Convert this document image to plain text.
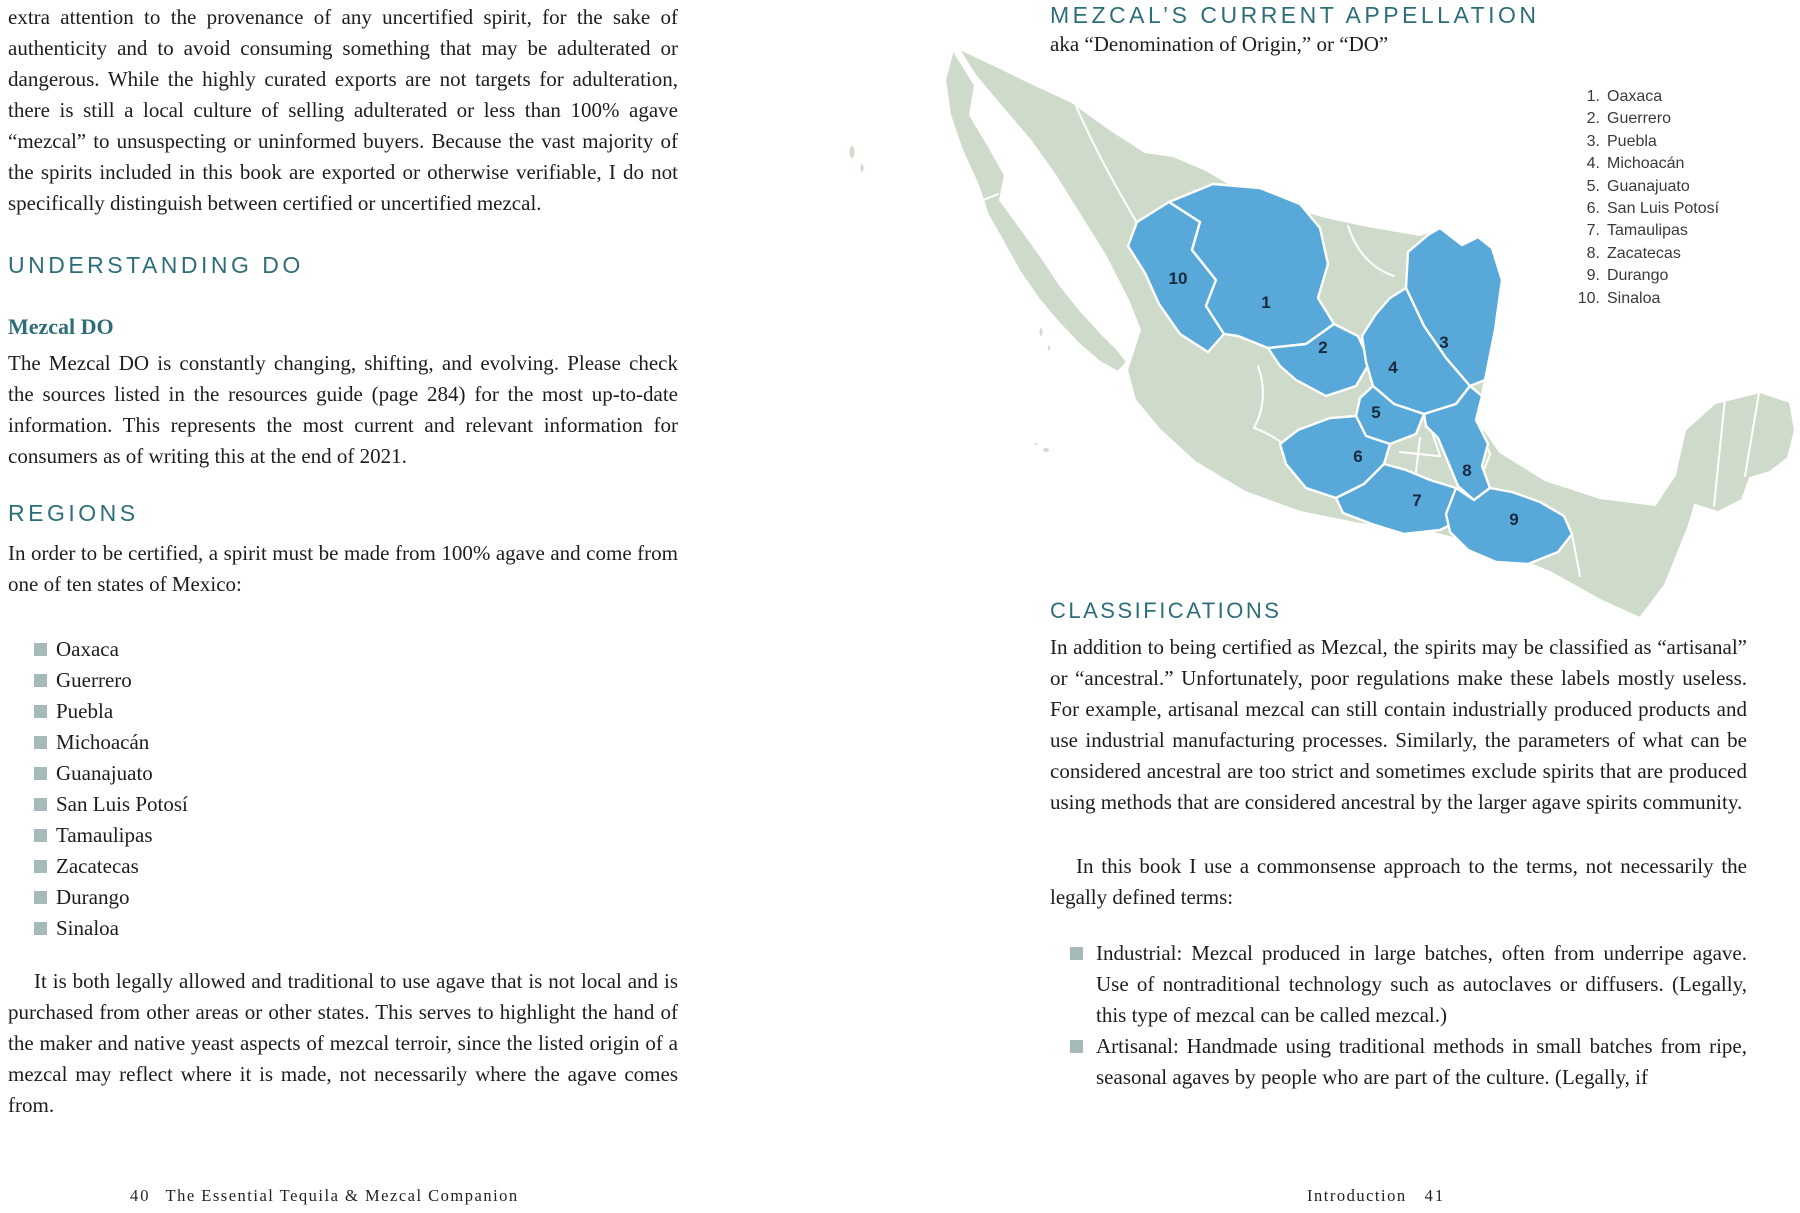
extra attention to the provenance of any uncertified spirit, for the sake of authenticity and to avoid consuming something that may be adulterated or dangerous. While the highly curated exports are not targets for adulteration, there is still a local culture of selling adulterated or less than 100% agave “mezcal” to unsuspecting or uninformed buyers. Because the vast majority of the spirits included in this book are exported or otherwise verifiable, I do not specifically distinguish between certified or uncertified mezcal.

UNDERSTANDING DO
Mezcal DO

The Mezcal DO is constantly changing, shifting, and evolving. Please check the sources listed in the resources guide (page 284) for the most up-to-date information. This represents the most current and relevant information for consumers as of writing this at the end of 2021.

REGIONS

In order to be certified, a spirit must be made from 100% agave and come from one of ten states of Mexico:

Oaxaca
Guerrero
Puebla
Michoacán
Guanajuato
San Luis Potosí
Tamaulipas
Zacatecas
Durango
Sinaloa

It is both legally allowed and traditional to use agave that is not local and is purchased from other areas or other states. This serves to highlight the hand of the maker and native yeast aspects of mezcal terroir, since the listed origin of a mezcal may reflect where it is made, not necessarily where the agave comes from.

40 The Essential Tequila & Mezcal Companion
MEZCAL’S CURRENT APPELLATION

aka “Denomination of Origin,” or “DO”

10
1
2	3
4
5
6
7
8
9
1. Oaxaca
2. Guerrero
3. Puebla
4. Michoacán
5. Guanajuato
6. San Luis Potosí
7. Tamaulipas
8. Zacatecas
9. Durango
10. Sinaloa
CLASSIFICATIONS

In addition to being certified as Mezcal, the spirits may be classified as “artisanal” or “ancestral.” Unfortunately, poor regulations make these labels mostly useless. For example, artisanal mezcal can still contain industrially produced products and use industrial manufacturing processes. Similarly, the parameters of what can be considered ancestral are too strict and sometimes exclude spirits that are produced using methods that are considered ancestral by the larger agave spirits community.

In this book I use a commonsense approach to the terms, not necessarily the legally defined terms:

Industrial: Mezcal produced in large batches, often from underripe agave. Use of nontraditional technology such as autoclaves or diffusers. (Legally, this type of mezcal can be called mezcal.)
Artisanal: Handmade using traditional methods in small batches from ripe, seasonal agaves by people who are part of the culture. (Legally, if
Introduction 41
